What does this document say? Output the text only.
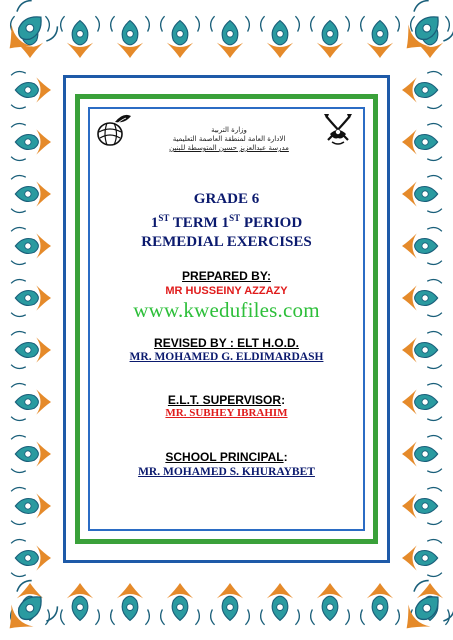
وزارة التربية
الادارة العامة لمنطقة العاصمة التعليمية
مدرسة عبدالعزيز حسين المتوسطة للبنين
GRADE 6
1ST TERM 1ST PERIOD
REMEDIAL EXERCISES
PREPARED BY:
MR HUSSEINY AZZAZY
www.kwedufiles.com
REVISED BY : ELT H.O.D.
MR. MOHAMED G. ELDIMARDASH
E.L.T. SUPERVISOR:
MR. SUBHEY IBRAHIM
SCHOOL PRINCIPAL:
MR. MOHAMED S. KHURAYBET
